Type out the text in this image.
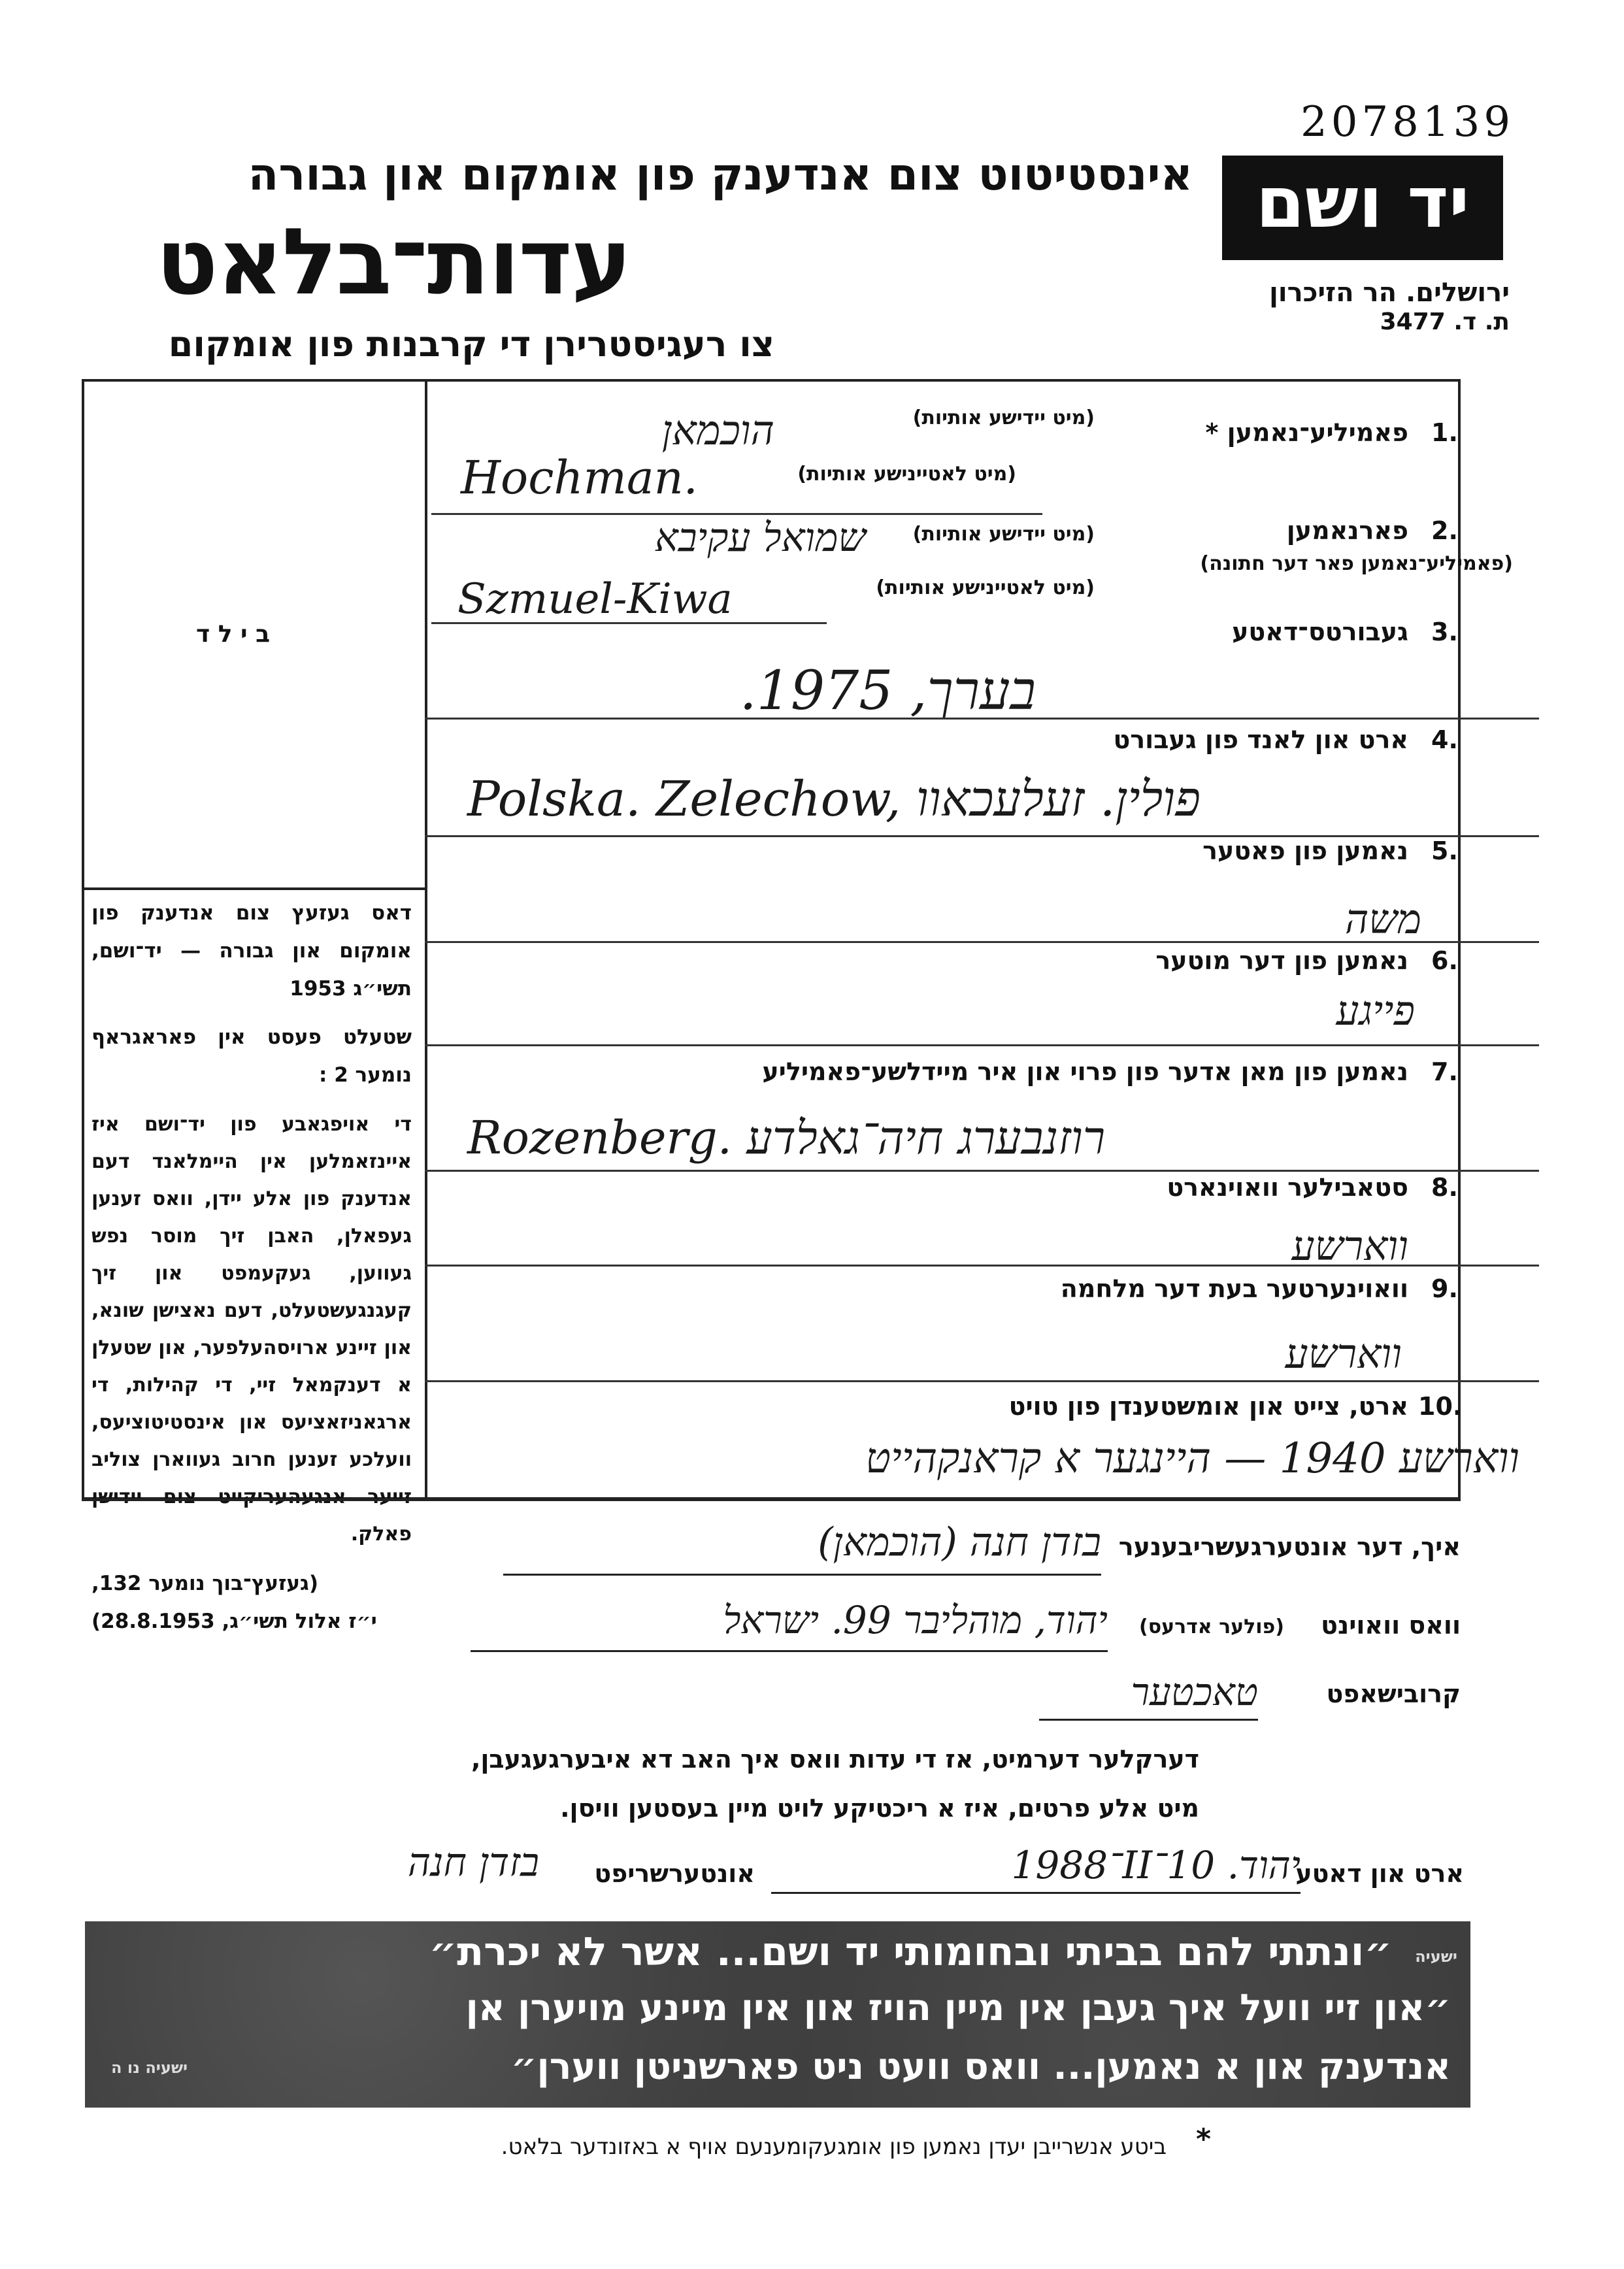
2078139
אינסטיטוט צום אנדענק פון אומקום און גבורה
עדות־בלאט
צו רעגיסטרירן די קרבנות פון אומקום
יד ושם
ירושלים. הר הזיכרון
ת. ד. 3477
ב י ל ד
דאס געזעץ צום אנדענק פון אומקום און גבורה — יד־ושם, תשי״ג 1953
שטעלט פעסט אין פאראגראף נומער 2 :
די אויפגאבע פון יד־ושם איז איינזאמלען אין היימלאנד דעם אנדענק פון אלע יידן, וואס זענען געפאלן, האבן זיך מוסר נפש געווען, געקעמפט און זיך קעגנגעשטעלט, דעם נאצישן שונא, און זיינע ארויסהעלפער, און שטעלן א דענקמאל זיי, די קהילות, די ארגאניזאציעס און אינסטיטוציעס, וועלכע זענען חרוב געווארן צוליב זייער אנגעהעריקייט צום יידישן פאלק.
(געזעץ־בוך נומער 132,
י״ז אלול תשי״ג, 28.8.1953)
1.
פאמיליע־נאמען *
(מיט יידישע אותיות)
הוכמאן
(מיט לאטיינישע אותיות)
Hochman.
2.
פארנאמען
(מיט יידישע אותיות)
שמואל עקיבא
(פאמיליע־נאמען פאר דער חתונה)
(מיט לאטיינישע אותיות)
Szmuel-Kiwa
3.
געבורטס־דאטע
בערך, 1975.
4.
ארט און לאנד פון געבורט
Polska. Zelechow, פולין. זעלעכאוו
5.
נאמען פון פאטער
משה
6.
נאמען פון דער מוטער
פייגע
7.
נאמען פון מאן אדער פון פרוי און איר מיידלשע־פאמיליע
Rozenberg. רוזנבערג חיה־גאלדע
8.
סטאבילער וואוינארט
ווארשע
9.
וואוינערטער בעת דער מלחמה
ווארשע
10.
ארט, צייט און אומשטענדן פון טויט
ווארשע 1940 — היינגער א קראנקהייט
איך, דער אונטערגעשריבענער
בזדן חנה (הוכמאן)
וואס וואוינט
(פולער אדרעס)
יהוד, מוהליבר 99. ישראל
קרובישאפט
טאכטער
דערקלער דערמיט, אז די עדות וואס איך האב דא איבערגעגעבן,
מיט אלע פרטים, איז א ריכטיקע לויט מיין בעסטען וויסן.
ארט און דאטע
יהוד. 10־II־1988
אונטערשריפט
בזדן חנה
״ונתתי להם בביתי ובחומותי יד ושם... אשר לא יכרת״ ישעיה
״און זיי וועל איך געבן אין מיין הויז און אין מיינע מויערן אן
אנדענק און א נאמען... וואס וועט ניט פארשניטן ווערן״
ישעיה נו ה
*
ביטע אנשרייבן יעדן נאמען פון אומגעקומענעם אויף א באזונדער בלאט.
